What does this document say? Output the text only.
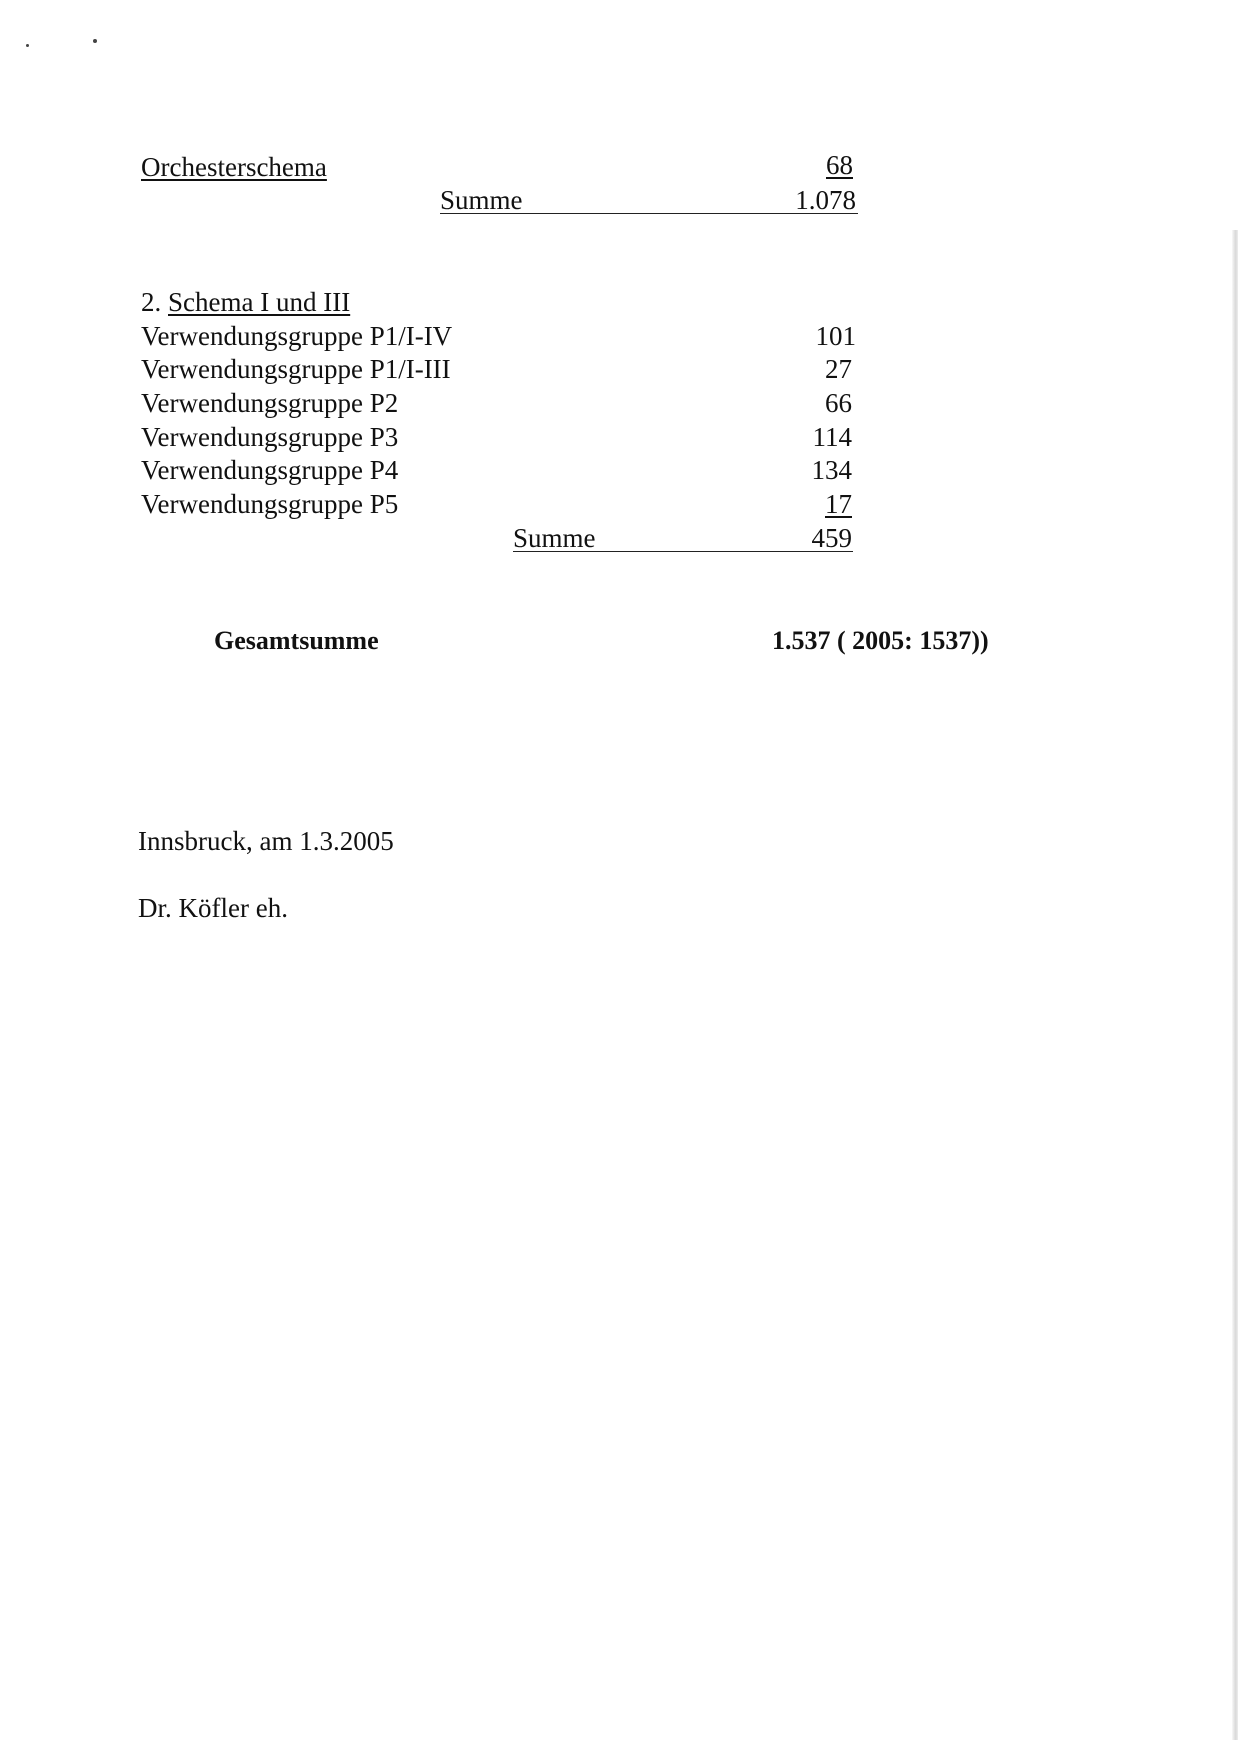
Orchesterschema	68
Summe	1.078
2. Schema I und III
Verwendungsgruppe P1/I-IV	101
Verwendungsgruppe P1/I-III	27
Verwendungsgruppe P2	66
Verwendungsgruppe P3	114
Verwendungsgruppe P4	134
Verwendungsgruppe P5	17
Summe	459
Gesamtsumme	1.537 ( 2005: 1537))
Innsbruck, am 1.3.2005
Dr. Köfler eh.
